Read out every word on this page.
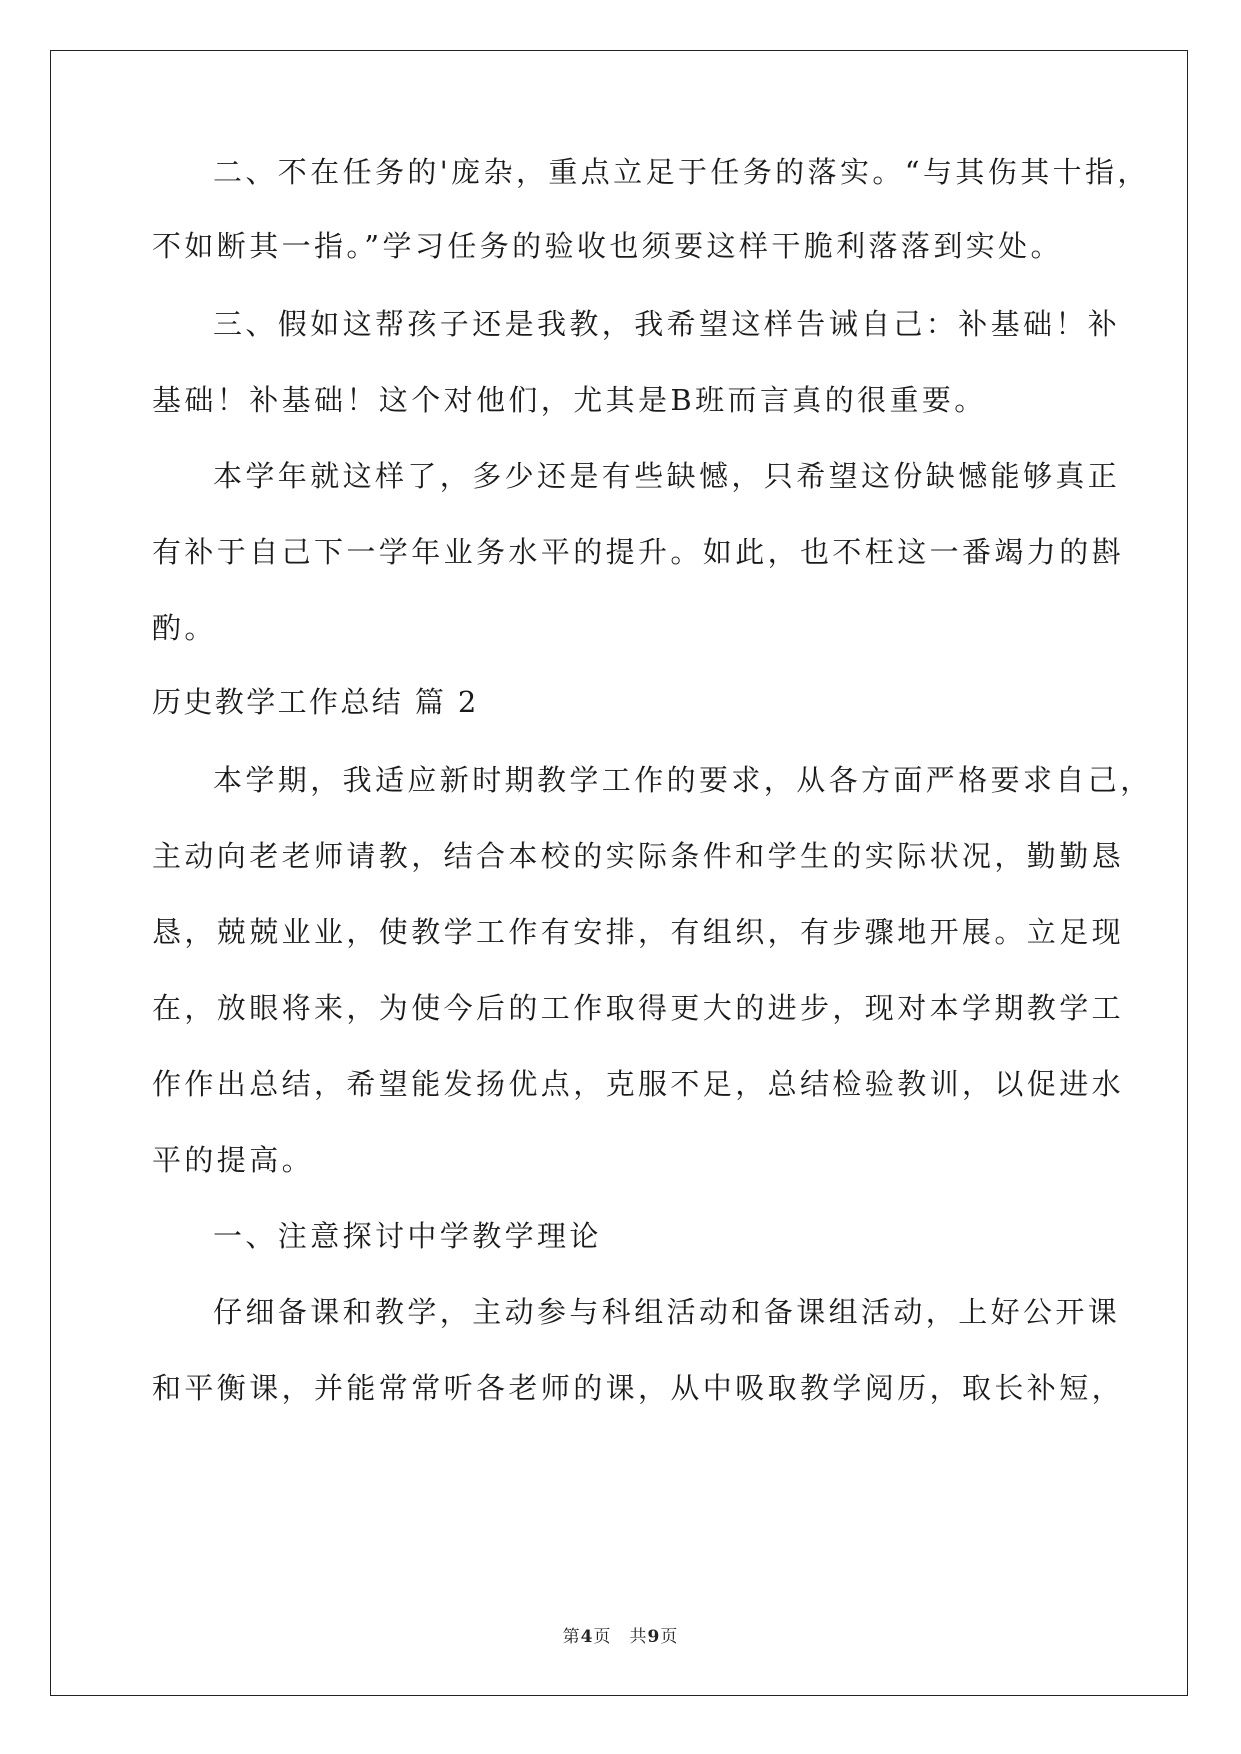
二、不在任务的'庞杂，重点立足于任务的落实。“与其伤其十指，
不如断其一指。”学习任务的验收也须要这样干脆利落落到实处。
三、假如这帮孩子还是我教，我希望这样告诫自己：补基础！补
基础！补基础！这个对他们，尤其是B班而言真的很重要。
本学年就这样了，多少还是有些缺憾，只希望这份缺憾能够真正
有补于自己下一学年业务水平的提升。如此，也不枉这一番竭力的斟
酌。
历史教学工作总结 篇 2
本学期，我适应新时期教学工作的要求，从各方面严格要求自己，
主动向老老师请教，结合本校的实际条件和学生的实际状况，勤勤恳
恳，兢兢业业，使教学工作有安排，有组织，有步骤地开展。立足现
在，放眼将来，为使今后的工作取得更大的进步，现对本学期教学工
作作出总结，希望能发扬优点，克服不足，总结检验教训，以促进水
平的提高。
一、注意探讨中学教学理论
仔细备课和教学，主动参与科组活动和备课组活动，上好公开课
和平衡课，并能常常听各老师的课，从中吸取教学阅历，取长补短，
第4页 共9页
